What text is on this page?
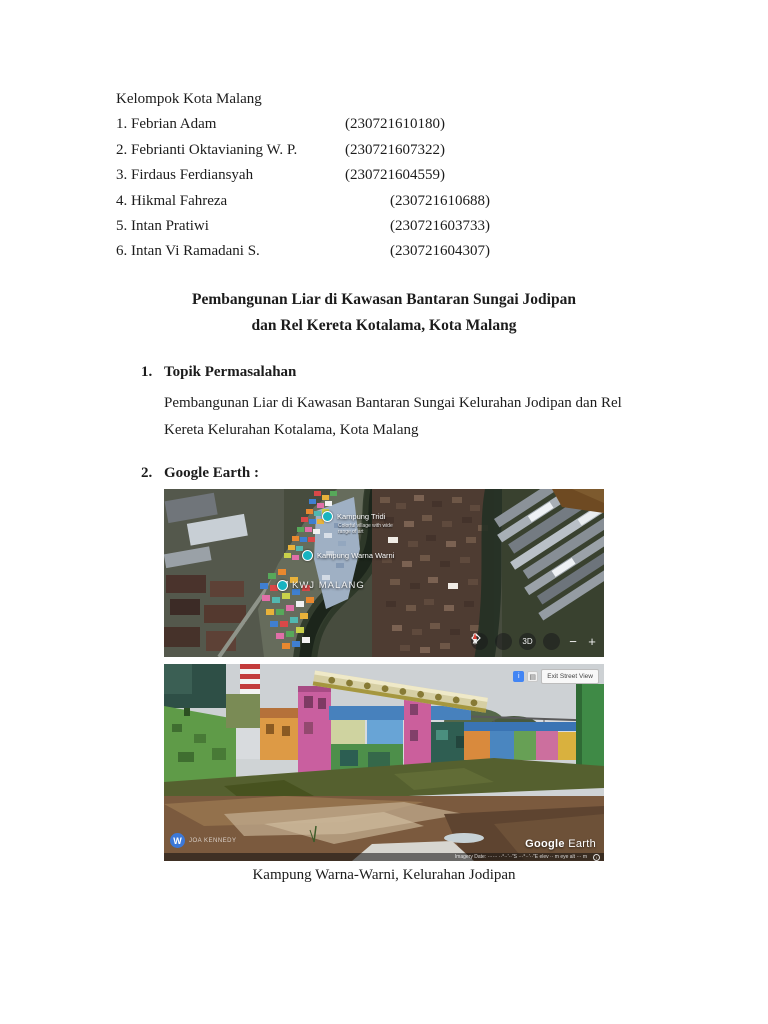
Kelompok Kota Malang
1. Febrian Adam	(230721610180)
2. Febrianti Oktavianing W. P.	(230721607322)
3. Firdaus Ferdiansyah	(230721604559)
4. Hikmal Fahreza	(230721610688)
5. Intan Pratiwi	(230721603733)
6. Intan Vi Ramadani S.	(230721604307)
Pembangunan Liar di Kawasan Bantaran Sungai Jodipan
dan Rel Kereta Kotalama, Kota Malang
1. Topik Permasalahan
Pembangunan Liar di Kawasan Bantaran Sungai Kelurahan Jodipan dan Rel Kereta Kelurahan Kotalama, Kota Malang
2. Google Earth :
Kampung Tridi
Colorful village with wide range of art
Kampung Warna Warni
KWJ MALANG
3D	− +
i	▤	Exit Street View
W	JOA KENNEDY	Google Earth
Imagery Date: ······ ··°··'··"S ···°··'··"E elev ·· m eye alt ··· m	i
Kampung Warna-Warni, Kelurahan Jodipan
